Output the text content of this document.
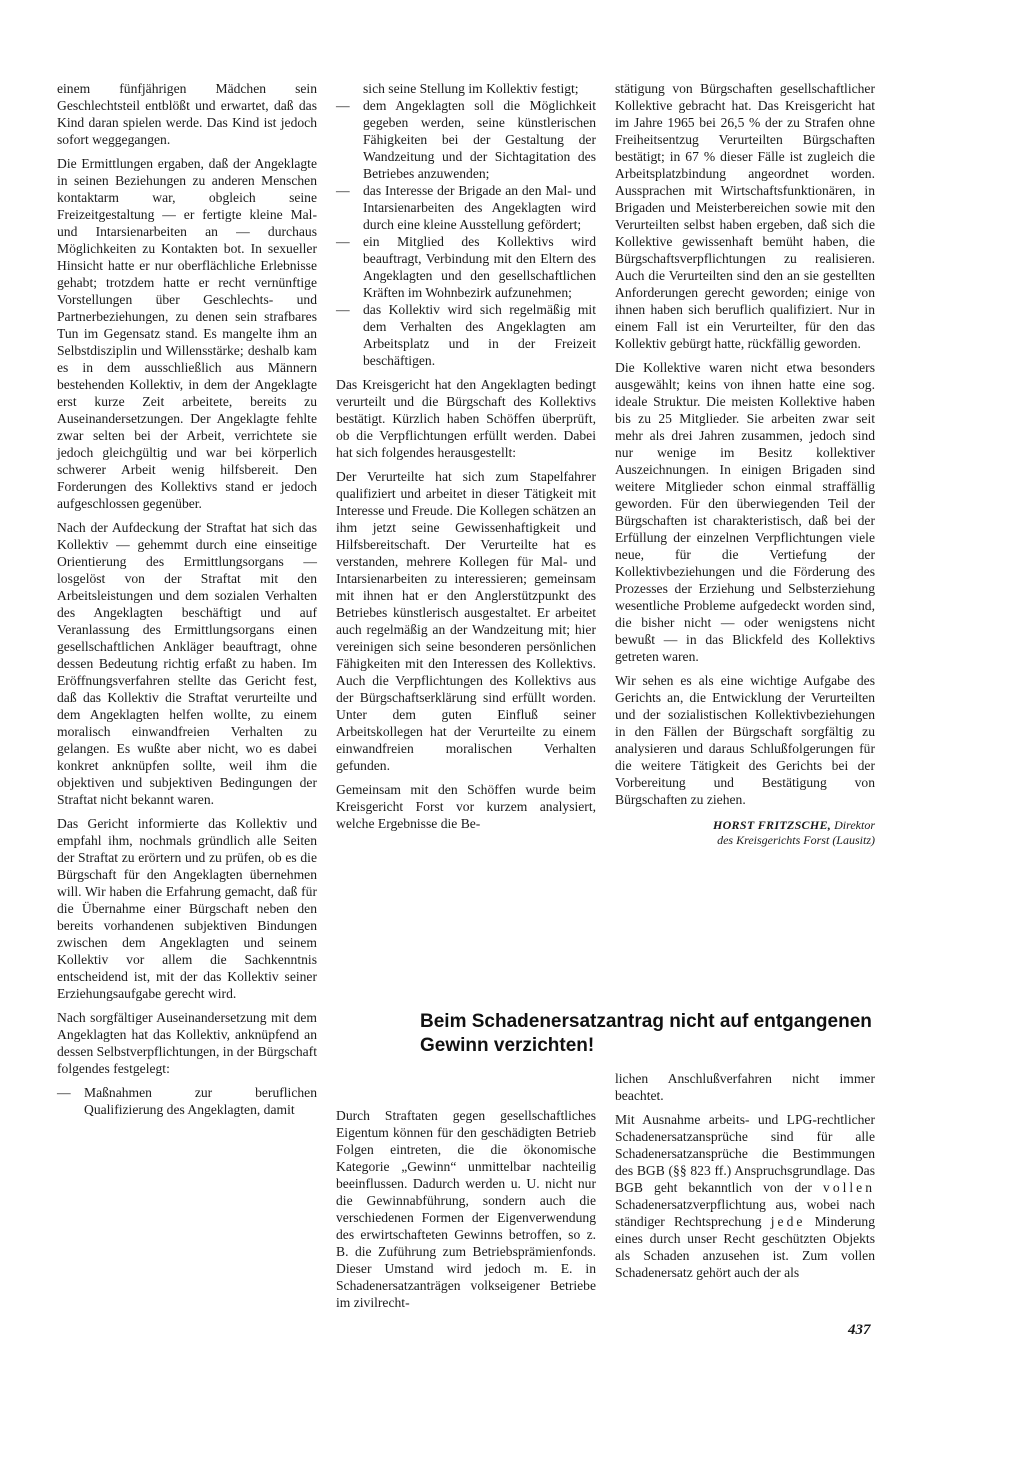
einem fünfjährigen Mädchen sein Geschlechtsteil entblößt und erwartet, daß das Kind daran spielen werde. Das Kind ist jedoch sofort weggegangen.

Die Ermittlungen ergaben, daß der Angeklagte in seinen Beziehungen zu anderen Menschen kontaktarm war, obgleich seine Freizeitgestaltung — er fertigte kleine Mal- und Intarsienarbeiten an — durchaus Möglichkeiten zu Kontakten bot. In sexueller Hinsicht hatte er nur oberflächliche Erlebnisse gehabt; trotzdem hatte er recht vernünftige Vorstellungen über Geschlechts- und Partnerbeziehungen, zu denen sein strafbares Tun im Gegensatz stand. Es mangelte ihm an Selbstdisziplin und Willensstärke; deshalb kam es in dem ausschließlich aus Männern bestehenden Kollektiv, in dem der Angeklagte erst kurze Zeit arbeitete, bereits zu Auseinandersetzungen. Der Angeklagte fehlte zwar selten bei der Arbeit, verrichtete sie jedoch gleichgültig und war bei körperlich schwerer Arbeit wenig hilfsbereit. Den Forderungen des Kollektivs stand er jedoch aufgeschlossen gegenüber.

Nach der Aufdeckung der Straftat hat sich das Kollektiv — gehemmt durch eine einseitige Orientierung des Ermittlungsorgans — losgelöst von der Straftat mit den Arbeitsleistungen und dem sozialen Verhalten des Angeklagten beschäftigt und auf Veranlassung des Ermittlungsorgans einen gesellschaftlichen Ankläger beauftragt, ohne dessen Bedeutung richtig erfaßt zu haben. Im Eröffnungsverfahren stellte das Gericht fest, daß das Kollektiv die Straftat verurteilte und dem Angeklagten helfen wollte, zu einem moralisch einwandfreien Verhalten zu gelangen. Es wußte aber nicht, wo es dabei konkret anknüpfen sollte, weil ihm die objektiven und subjektiven Bedingungen der Straftat nicht bekannt waren.

Das Gericht informierte das Kollektiv und empfahl ihm, nochmals gründlich alle Seiten der Straftat zu erörtern und zu prüfen, ob es die Bürgschaft für den Angeklagten übernehmen will. Wir haben die Erfahrung gemacht, daß für die Übernahme einer Bürgschaft neben den bereits vorhandenen subjektiven Bindungen zwischen dem Angeklagten und seinem Kollektiv vor allem die Sachkenntnis entscheidend ist, mit der das Kollektiv seiner Erziehungsaufgabe gerecht wird.

Nach sorgfältiger Auseinandersetzung mit dem Angeklagten hat das Kollektiv, anknüpfend an dessen Selbstverpflichtungen, in der Bürgschaft folgendes festgelegt:

— Maßnahmen zur beruflichen Qualifizierung des Angeklagten, damit
sich seine Stellung im Kollektiv festigt;
— dem Angeklagten soll die Möglichkeit gegeben werden, seine künstlerischen Fähigkeiten bei der Gestaltung der Wandzeitung und der Sichtagitation des Betriebes anzuwenden;
— das Interesse der Brigade an den Mal- und Intarsienarbeiten des Angeklagten wird durch eine kleine Ausstellung gefördert;
— ein Mitglied des Kollektivs wird beauftragt, Verbindung mit den Eltern des Angeklagten und den gesellschaftlichen Kräften im Wohnbezirk aufzunehmen;
— das Kollektiv wird sich regelmäßig mit dem Verhalten des Angeklagten am Arbeitsplatz und in der Freizeit beschäftigen.

Das Kreisgericht hat den Angeklagten bedingt verurteilt und die Bürgschaft des Kollektivs bestätigt. Kürzlich haben Schöffen überprüft, ob die Verpflichtungen erfüllt werden. Dabei hat sich folgendes herausgestellt:

Der Verurteilte hat sich zum Stapelfahrer qualifiziert und arbeitet in dieser Tätigkeit mit Interesse und Freude. Die Kollegen schätzen an ihm jetzt seine Gewissenhaftigkeit und Hilfsbereitschaft. Der Verurteilte hat es verstanden, mehrere Kollegen für Mal- und Intarsienarbeiten zu interessieren; gemeinsam mit ihnen hat er den Anglerstützpunkt des Betriebes künstlerisch ausgestaltet. Er arbeitet auch regelmäßig an der Wandzeitung mit; hier vereinigen sich seine besonderen persönlichen Fähigkeiten mit den Interessen des Kollektivs. Auch die Verpflichtungen des Kollektivs aus der Bürgschaftserklärung sind erfüllt worden. Unter dem guten Einfluß seiner Arbeitskollegen hat der Verurteilte zu einem einwandfreien moralischen Verhalten gefunden.

Gemeinsam mit den Schöffen wurde beim Kreisgericht Forst vor kurzem analysiert, welche Ergebnisse die Be-

stätigung von Bürgschaften gesellschaftlicher Kollektive gebracht hat. Das Kreisgericht hat im Jahre 1965 bei 26,5 % der zu Strafen ohne Freiheitsentzug Verurteilten Bürgschaften bestätigt; in 67 % dieser Fälle ist zugleich die Arbeitsplatzbindung angeordnet worden. Aussprachen mit Wirtschaftsfunktionären, in Brigaden und Meisterbereichen sowie mit den Verurteilten selbst haben ergeben, daß sich die Kollektive gewissenhaft bemüht haben, die Bürgschaftsverpflichtungen zu realisieren. Auch die Verurteilten sind den an sie gestellten Anforderungen gerecht geworden; einige von ihnen haben sich beruflich qualifiziert. Nur in einem Fall ist ein Verurteilter, für den das Kollektiv gebürgt hatte, rückfällig geworden.

Die Kollektive waren nicht etwa besonders ausgewählt; keins von ihnen hatte eine sog. ideale Struktur. Die meisten Kollektive haben bis zu 25 Mitglieder. Sie arbeiten zwar seit mehr als drei Jahren zusammen, jedoch sind nur wenige im Besitz kollektiver Auszeichnungen. In einigen Brigaden sind weitere Mitglieder schon einmal straffällig geworden. Für den überwiegenden Teil der Bürgschaften ist charakteristisch, daß bei der Erfüllung der einzelnen Verpflichtungen viele neue, für die Vertiefung der Kollektivbeziehungen und die Förderung des Prozesses der Erziehung und Selbsterziehung wesentliche Probleme aufgedeckt worden sind, die bisher nicht — oder wenigstens nicht bewußt — in das Blickfeld des Kollektivs getreten waren.

Wir sehen es als eine wichtige Aufgabe des Gerichts an, die Entwicklung der Verurteilten und der sozialistischen Kollektivbeziehungen in den Fällen der Bürgschaft sorgfältig zu analysieren und daraus Schlußfolgerungen für die weitere Tätigkeit des Gerichts bei der Vorbereitung und Bestätigung von Bürgschaften zu ziehen.

HORST FRITZSCHE, Direktor
des Kreisgerichts Forst (Lausitz)
Beim Schadenersatzantrag nicht auf entgangenen
Gewinn verzichten!

Durch Straftaten gegen gesellschaftliches Eigentum können für den geschädigten Betrieb Folgen eintreten, die die ökonomische Kategorie „Gewinn“ unmittelbar nachteilig beeinflussen. Dadurch werden u. U. nicht nur die Gewinnabführung, sondern auch die verschiedenen Formen der Eigenverwendung des erwirtschafteten Gewinns betroffen, so z. B. die Zuführung zum Betriebsprämienfonds. Dieser Umstand wird jedoch m. E. in Schadenersatzanträgen volkseigener Betriebe im zivilrecht-

lichen Anschlußverfahren nicht immer beachtet.

Mit Ausnahme arbeits- und LPG-rechtlicher Schadenersatzansprüche sind für alle Schadenersatzansprüche die Bestimmungen des BGB (§§ 823 ff.) Anspruchsgrundlage. Das BGB geht bekanntlich von der vollen Schadenersatzverpflichtung aus, wobei nach ständiger Rechtsprechung jede Minderung eines durch unser Recht geschützten Objekts als Schaden anzusehen ist. Zum vollen Schadenersatz gehört auch der als

437
